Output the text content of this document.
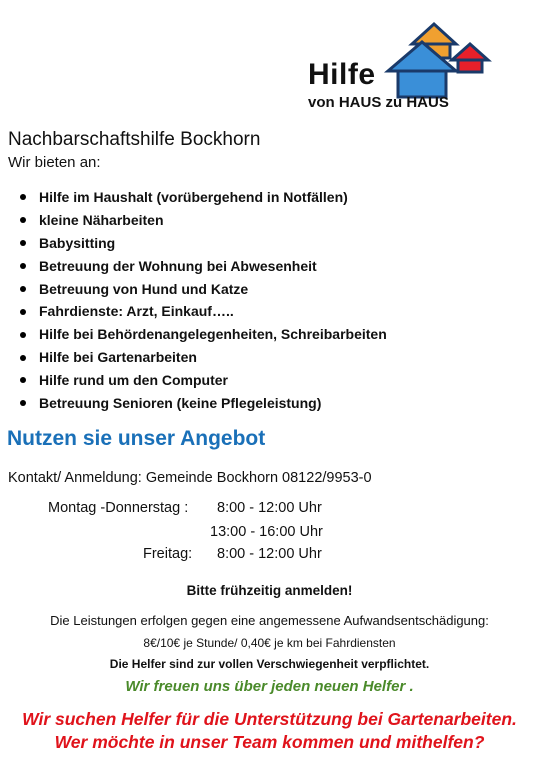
Hilfe
von HAUS zu HAUS
Nachbarschaftshilfe Bockhorn
Wir bieten an:
Hilfe im Haushalt (vorübergehend in Notfällen)
kleine Näharbeiten
Babysitting
Betreuung der Wohnung bei Abwesenheit
Betreuung von Hund und Katze
Fahrdienste: Arzt, Einkauf…..
Hilfe bei Behördenangelegenheiten, Schreibarbeiten
Hilfe bei Gartenarbeiten
Hilfe rund um den Computer
Betreuung Senioren (keine Pflegeleistung)
Nutzen sie unser Angebot
Kontakt/ Anmeldung: Gemeinde Bockhorn 08122/9953-0
Montag -Donnerstag : 8:00 - 12:00 Uhr
13:00 - 16:00 Uhr
Freitag: 8:00 - 12:00 Uhr
Bitte frühzeitig anmelden!
Die Leistungen erfolgen gegen eine angemessene Aufwandsentschädigung:
8€/10€ je Stunde/ 0,40€ je km bei Fahrdiensten
Die Helfer sind zur vollen Verschwiegenheit verpflichtet.
Wir freuen uns über jeden neuen Helfer .
Wir suchen Helfer für die Unterstützung bei Gartenarbeiten. Wer möchte in unser Team kommen und mithelfen?
